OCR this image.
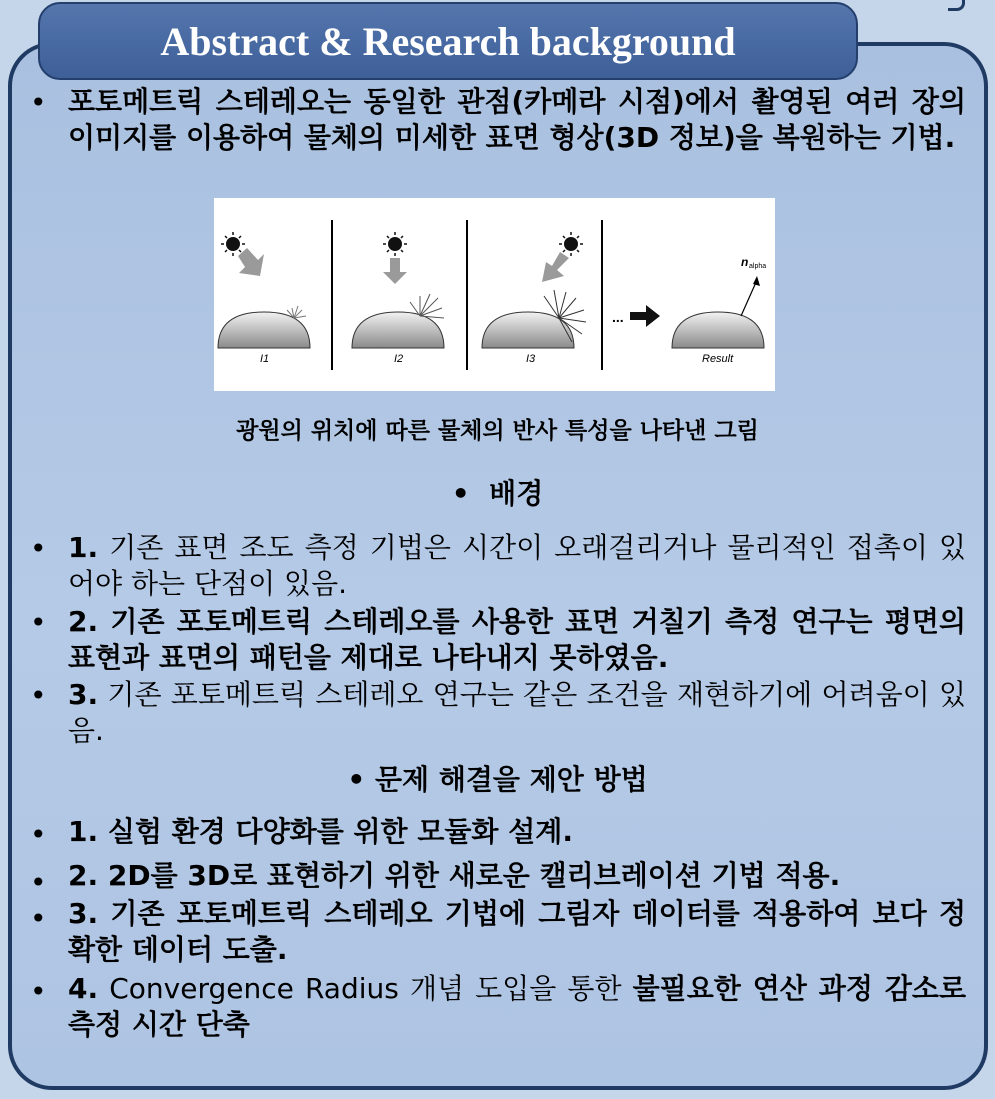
Abstract & Research background
• 포토메트릭 스테레오는 동일한 관점(카메라 시점)에서 촬영된 여러 장의 이미지를 이용하여 물체의 미세한 표면 형상(3D 정보)을 복원하는 기법.
I1	I2	I3
...
n alpha
Result
광원의 위치에 따른 물체의 반사 특성을 나타낸 그림
• 배경
• 1. 기존 표면 조도 측정 기법은 시간이 오래걸리거나 물리적인 접촉이 있어야 하는 단점이 있음.
• 2. 기존 포토메트릭 스테레오를 사용한 표면 거칠기 측정 연구는 평면의 표현과 표면의 패턴을 제대로 나타내지 못하였음.
• 3. 기존 포토메트릭 스테레오 연구는 같은 조건을 재현하기에 어려움이 있음.
• 문제 해결을 제안 방법
• 1. 실험 환경 다양화를 위한 모듈화 설계.
• 2. 2D를 3D로 표현하기 위한 새로운 캘리브레이션 기법 적용.
• 3. 기존 포토메트릭 스테레오 기법에 그림자 데이터를 적용하여 보다 정확한 데이터 도출.
• 4. Convergence Radius 개념 도입을 통한 불필요한 연산 과정 감소로 측정 시간 단축
